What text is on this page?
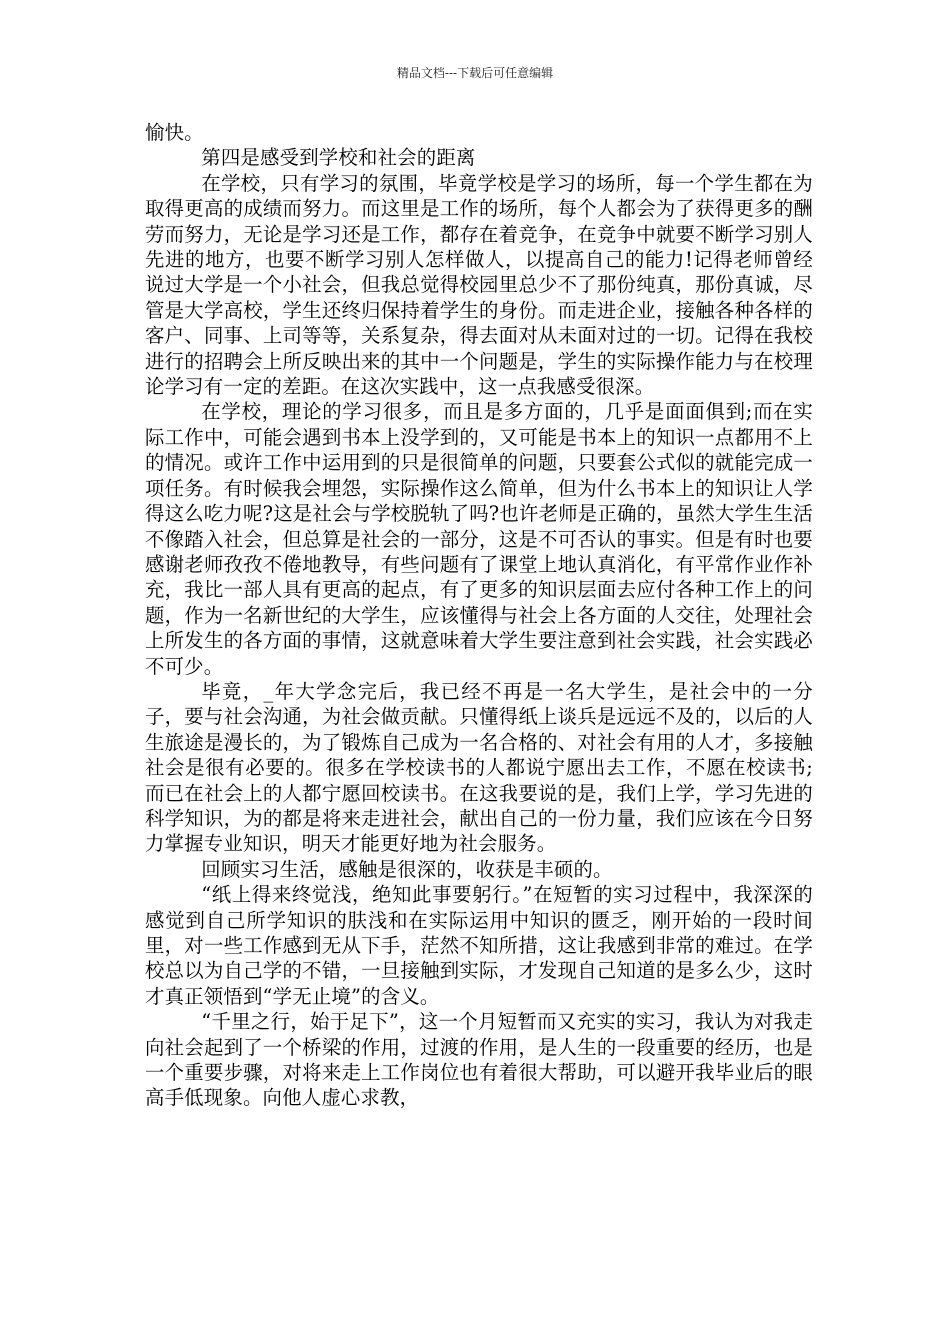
精品文档---下载后可任意编辑

愉快。

第四是感受到学校和社会的距离

在学校，只有学习的氛围，毕竟学校是学习的场所，每一个学生都在为取得更高的成绩而努力。而这里是工作的场所，每个人都会为了获得更多的酬劳而努力，无论是学习还是工作，都存在着竞争，在竞争中就要不断学习别人先进的地方，也要不断学习别人怎样做人，以提高自己的能力!记得老师曾经说过大学是一个小社会，但我总觉得校园里总少不了那份纯真，那份真诚，尽管是大学高校，学生还终归保持着学生的身份。而走进企业，接触各种各样的客户、同事、上司等等，关系复杂，得去面对从未面对过的一切。记得在我校进行的招聘会上所反映出来的其中一个问题是，学生的实际操作能力与在校理论学习有一定的差距。在这次实践中，这一点我感受很深。

在学校，理论的学习很多，而且是多方面的，几乎是面面俱到;而在实际工作中，可能会遇到书本上没学到的，又可能是书本上的知识一点都用不上的情况。或许工作中运用到的只是很简单的问题，只要套公式似的就能完成一项任务。有时候我会埋怨，实际操作这么简单，但为什么书本上的知识让人学得这么吃力呢?这是社会与学校脱轨了吗?也许老师是正确的，虽然大学生生活不像踏入社会，但总算是社会的一部分，这是不可否认的事实。但是有时也要感谢老师孜孜不倦地教导，有些问题有了课堂上地认真消化，有平常作业作补充，我比一部人具有更高的起点，有了更多的知识层面去应付各种工作上的问题，作为一名新世纪的大学生，应该懂得与社会上各方面的人交往，处理社会上所发生的各方面的事情，这就意味着大学生要注意到社会实践，社会实践必不可少。

毕竟，_年大学念完后，我已经不再是一名大学生，是社会中的一分子，要与社会沟通，为社会做贡献。只懂得纸上谈兵是远远不及的，以后的人生旅途是漫长的，为了锻炼自己成为一名合格的、对社会有用的人才，多接触社会是很有必要的。很多在学校读书的人都说宁愿出去工作，不愿在校读书;而已在社会上的人都宁愿回校读书。在这我要说的是，我们上学，学习先进的科学知识，为的都是将来走进社会，献出自己的一份力量，我们应该在今日努力掌握专业知识，明天才能更好地为社会服务。

回顾实习生活，感触是很深的，收获是丰硕的。

“纸上得来终觉浅，绝知此事要躬行。”在短暂的实习过程中，我深深的感觉到自己所学知识的肤浅和在实际运用中知识的匮乏，刚开始的一段时间里，对一些工作感到无从下手，茫然不知所措，这让我感到非常的难过。在学校总以为自己学的不错，一旦接触到实际，才发现自己知道的是多么少，这时才真正领悟到“学无止境”的含义。

“千里之行，始于足下”，这一个月短暂而又充实的实习，我认为对我走向社会起到了一个桥梁的作用，过渡的作用，是人生的一段重要的经历，也是一个重要步骤，对将来走上工作岗位也有着很大帮助，可以避开我毕业后的眼高手低现象。向他人虚心求教，
